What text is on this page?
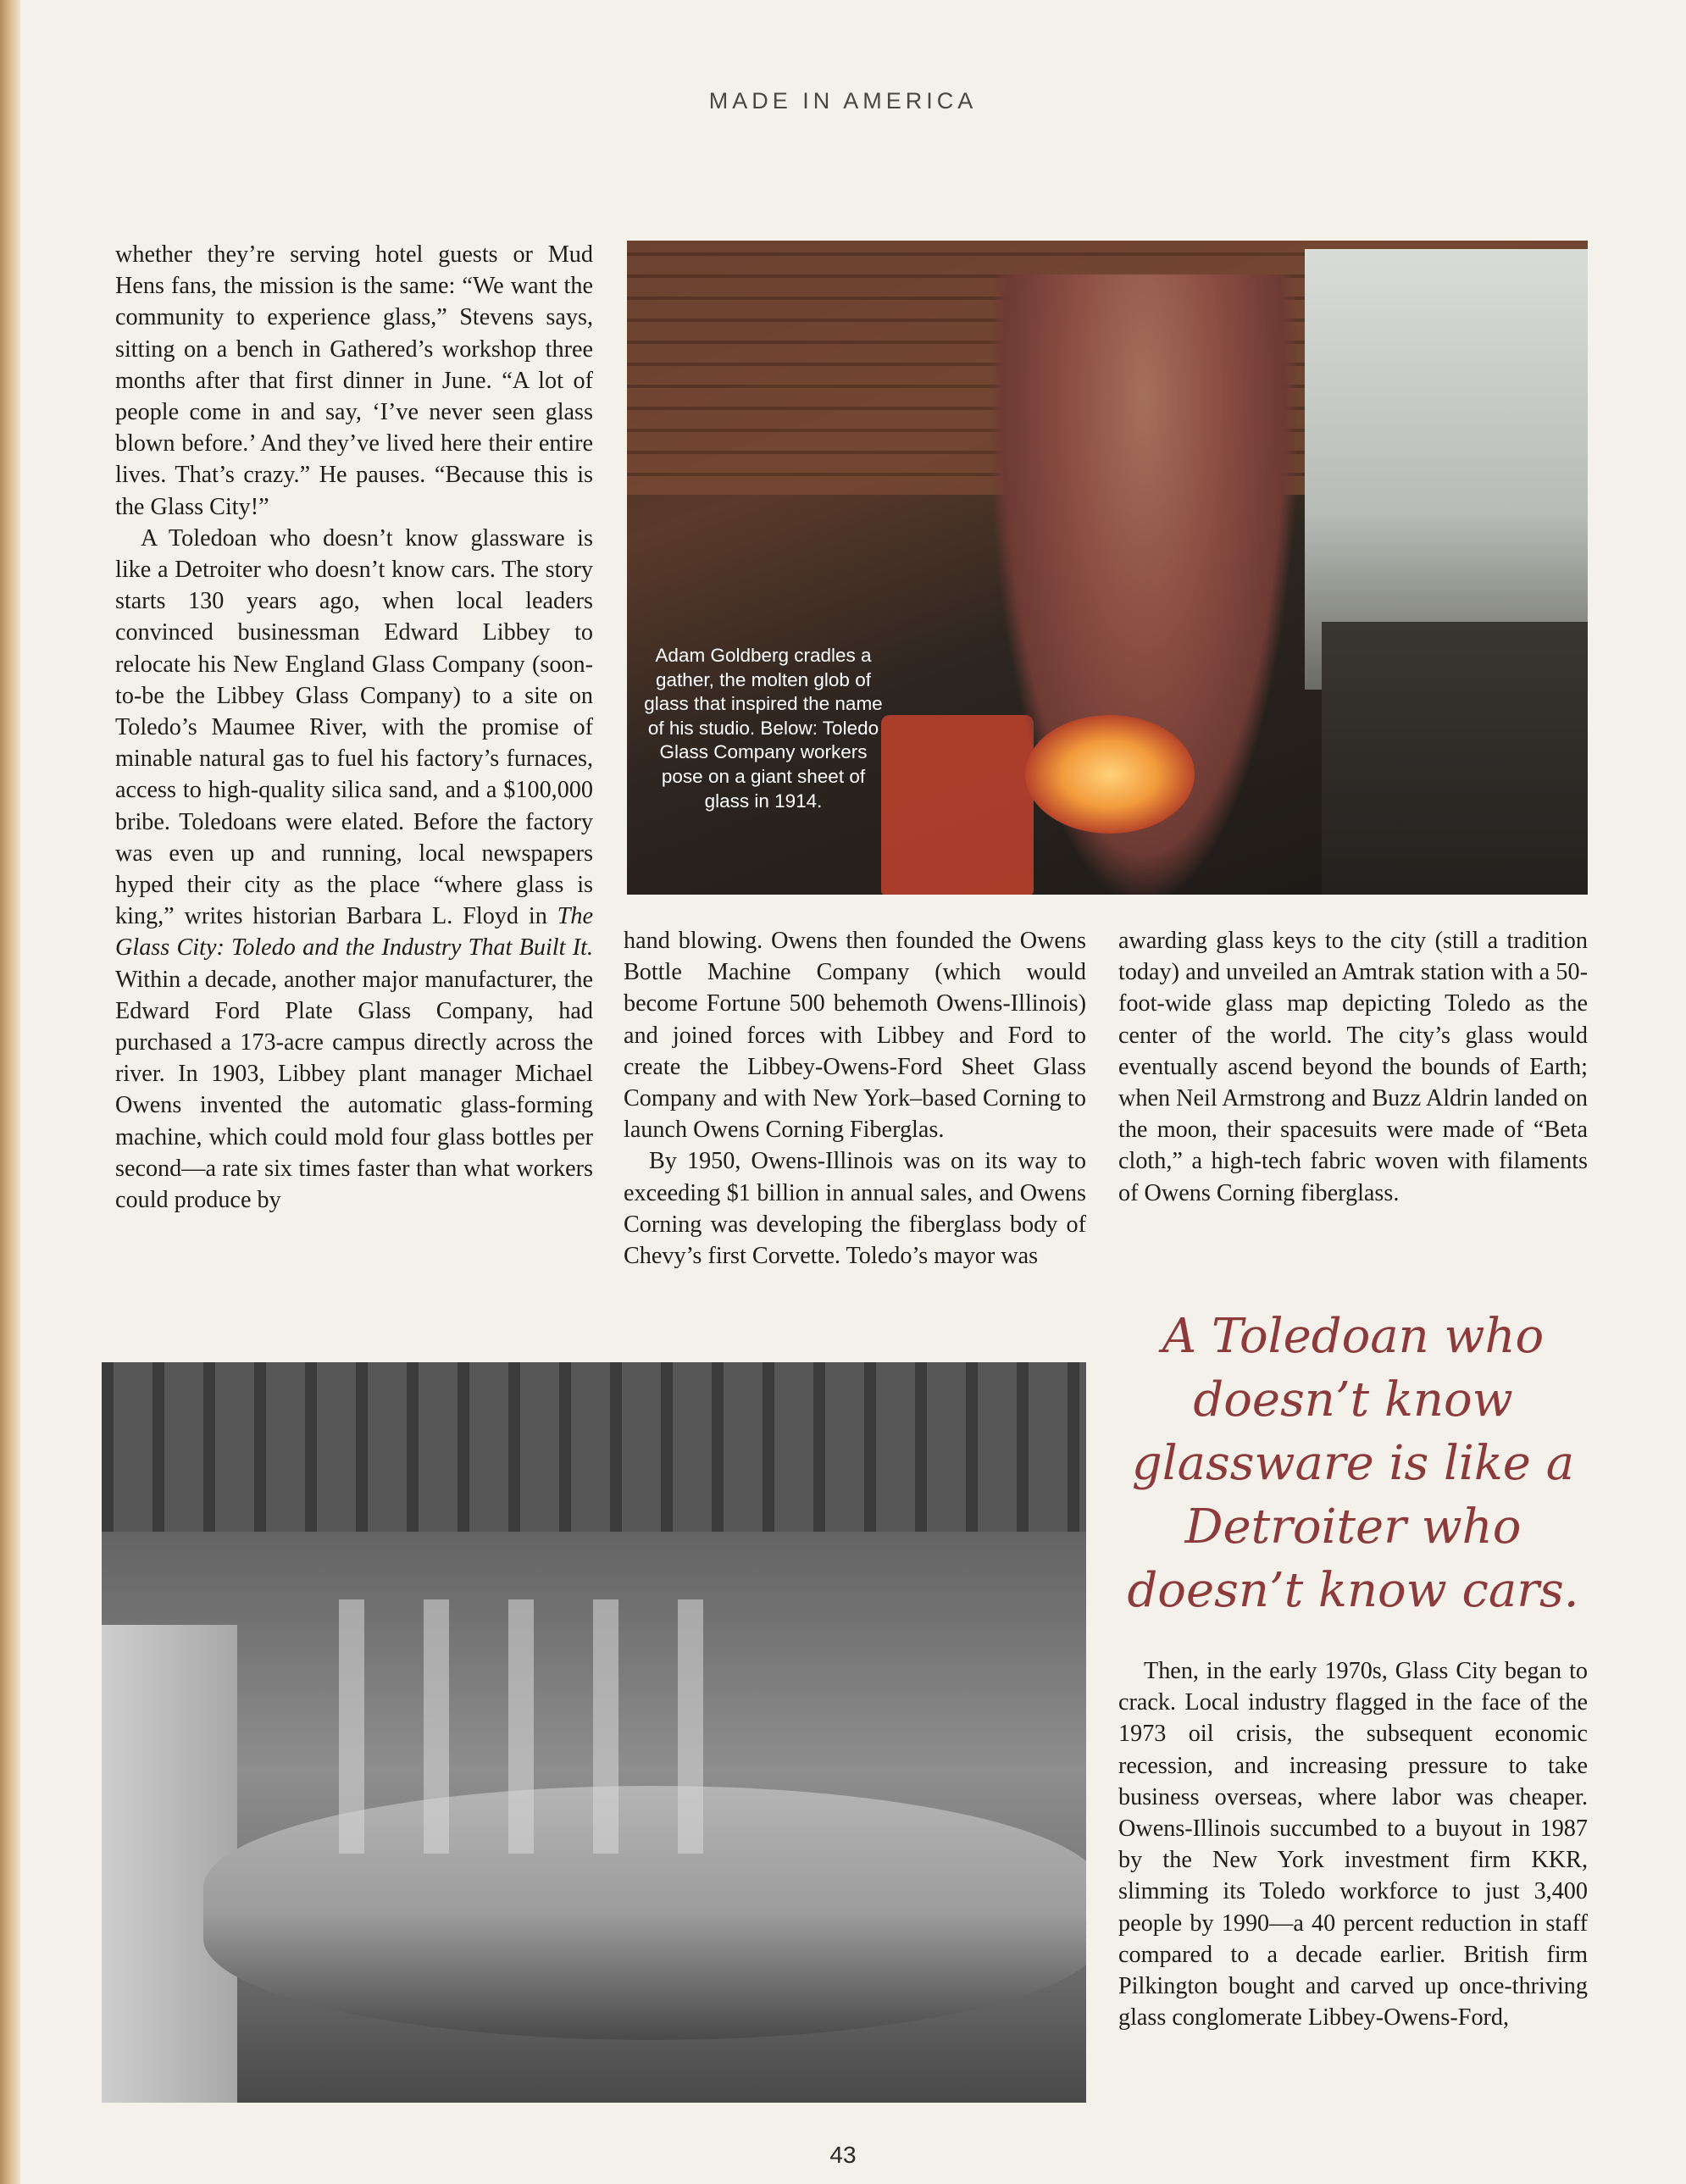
MADE IN AMERICA

whether they’re serving hotel guests or Mud Hens fans, the mission is the same: “We want the community to experience glass,” Stevens says, sitting on a bench in Gathered’s workshop three months after that first dinner in June. “A lot of people come in and say, ‘I’ve never seen glass blown before.’ And they’ve lived here their entire lives. That’s crazy.” He pauses. “Because this is the Glass City!”

A Toledoan who doesn’t know glassware is like a Detroiter who doesn’t know cars. The story starts 130 years ago, when local leaders convinced businessman Edward Libbey to relocate his New England Glass Company (soon-to-be the Libbey Glass Company) to a site on Toledo’s Maumee River, with the promise of minable natural gas to fuel his factory’s furnaces, access to high-quality silica sand, and a $100,000 bribe. Toledoans were elated. Before the factory was even up and running, local newspapers hyped their city as the place “where glass is king,” writes historian Barbara L. Floyd in The Glass City: Toledo and the Industry That Built It. Within a decade, another major manufacturer, the Edward Ford Plate Glass Company, had purchased a 173-acre campus directly across the river. In 1903, Libbey plant manager Michael Owens invented the automatic glass-forming machine, which could mold four glass bottles per second—a rate six times faster than what workers could produce by

Adam Goldberg cradles a gather, the molten glob of glass that inspired the name of his studio. Below: Toledo Glass Company workers pose on a giant sheet of glass in 1914.

hand blowing. Owens then founded the Owens Bottle Machine Company (which would become Fortune 500 behemoth Owens-Illinois) and joined forces with Libbey and Ford to create the Libbey-Owens-Ford Sheet Glass Company and with New York–based Corning to launch Owens Corning Fiberglas.

By 1950, Owens-Illinois was on its way to exceeding $1 billion in annual sales, and Owens Corning was developing the fiberglass body of Chevy’s first Corvette. Toledo’s mayor was

awarding glass keys to the city (still a tradition today) and unveiled an Amtrak station with a 50-foot-wide glass map depicting Toledo as the center of the world. The city’s glass would eventually ascend beyond the bounds of Earth; when Neil Armstrong and Buzz Aldrin landed on the moon, their spacesuits were made of “Beta cloth,” a high-tech fabric woven with filaments of Owens Corning fiberglass.

A Toledoan who doesn’t know glassware is like a Detroiter who doesn’t know cars.

Then, in the early 1970s, Glass City began to crack. Local industry flagged in the face of the 1973 oil crisis, the subsequent economic recession, and increasing pressure to take business overseas, where labor was cheaper. Owens-Illinois succumbed to a buyout in 1987 by the New York investment firm KKR, slimming its Toledo workforce to just 3,400 people by 1990—a 40 percent reduction in staff compared to a decade earlier. British firm Pilkington bought and carved up once-thriving glass conglomerate Libbey-Owens-Ford,

43
